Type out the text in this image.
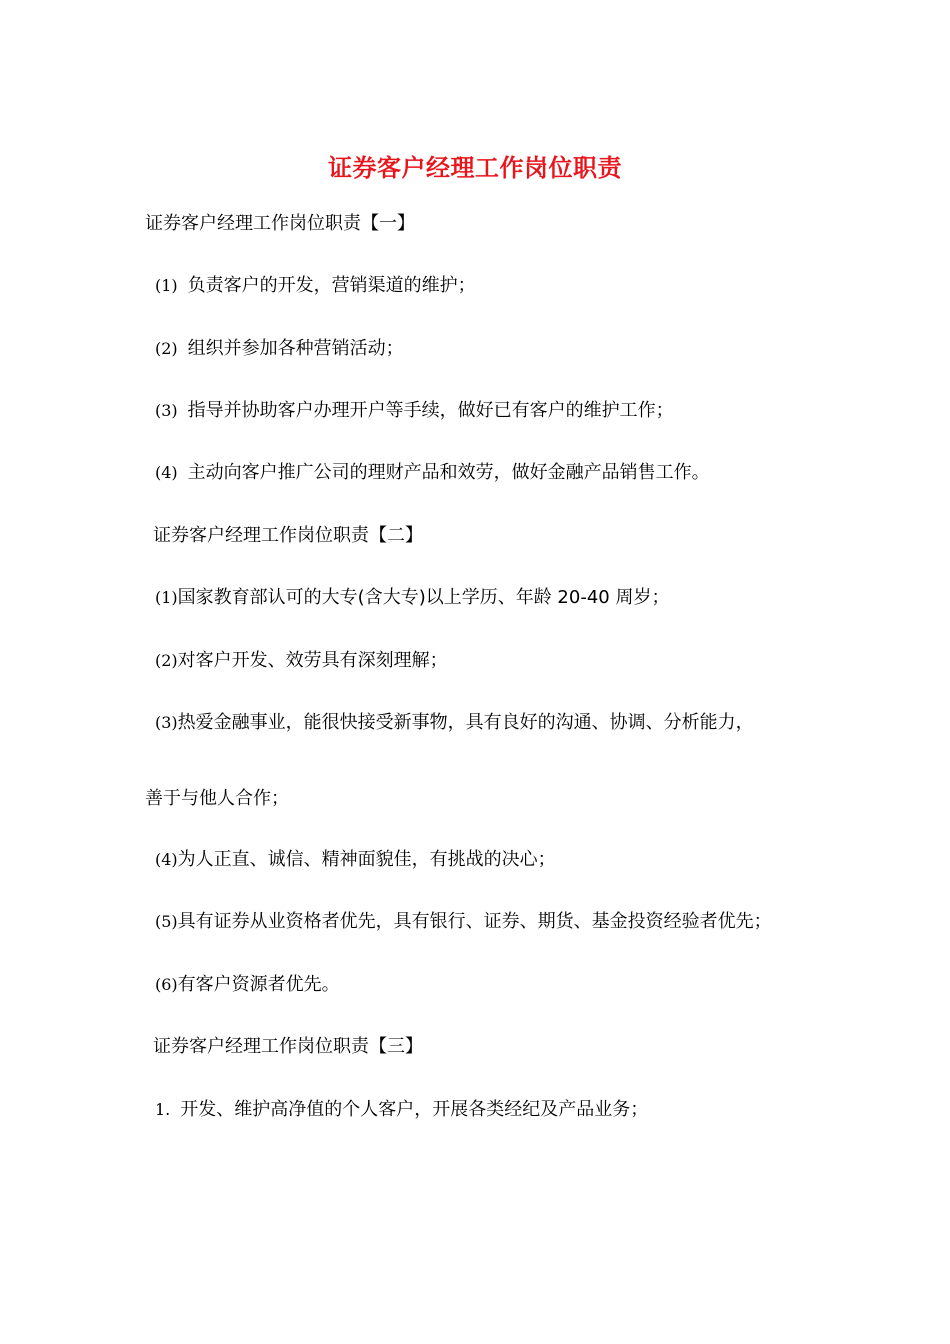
证券客户经理工作岗位职责

证券客户经理工作岗位职责【一】

(1) 负责客户的开发，营销渠道的维护；

(2) 组织并参加各种营销活动；

(3) 指导并协助客户办理开户等手续，做好已有客户的维护工作；

(4) 主动向客户推广公司的理财产品和效劳，做好金融产品销售工作。

证券客户经理工作岗位职责【二】

(1)国家教育部认可的大专(含大专)以上学历、年龄 20-40 周岁；

(2)对客户开发、效劳具有深刻理解；

(3)热爱金融事业，能很快接受新事物，具有良好的沟通、协调、分析能力，

善于与他人合作；

(4)为人正直、诚信、精神面貌佳，有挑战的决心；

(5)具有证券从业资格者优先，具有银行、证券、期货、基金投资经验者优先；

(6)有客户资源者优先。

证券客户经理工作岗位职责【三】

1. 开发、维护高净值的个人客户，开展各类经纪及产品业务；
